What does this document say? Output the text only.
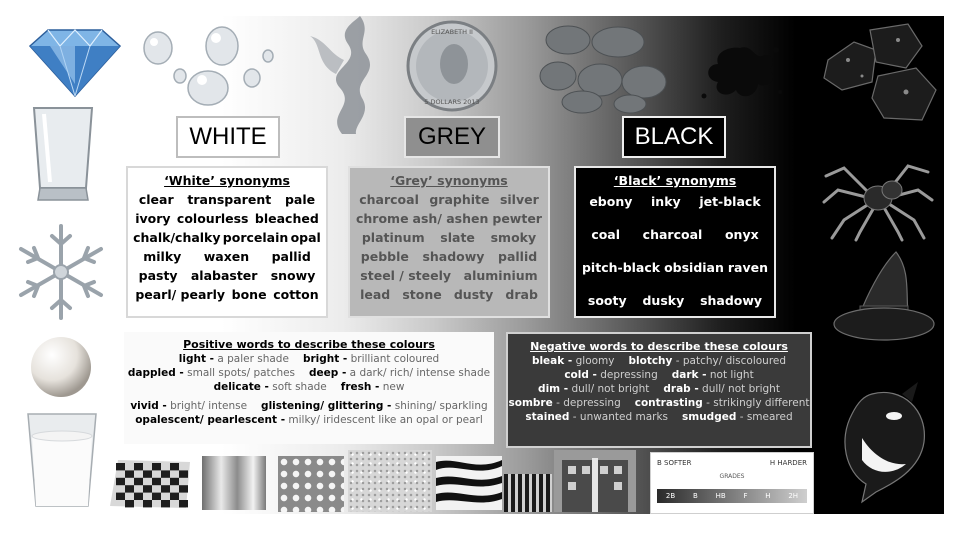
ELIZABETH II
5 DOLLARS 2013
WHITE	GREY	BLACK
‘White’ synonyms
clear transparent pale
ivory colourless bleached
chalk/chalky porcelain opal
milky waxen pallid
pasty alabaster snowy
pearl/ pearly bone cotton
‘Grey’ synonyms
charcoal graphite silver
chrome ash/ ashen pewter
platinum slate smoky
pebble shadowy pallid
steel / steely aluminium
lead stone dusty drab
‘Black’ synonyms
ebony inky jet-black
coal charcoal onyx
pitch-black obsidian raven
sooty dusky shadowy
Positive words to describe these colours
light - a paler shade bright - brilliant coloured
dappled - small spots/ patches deep - a dark/ rich/ intense shade
delicate - soft shade fresh - new
vivid - bright/ intense glistening/ glittering - shining/ sparkling
opalescent/ pearlescent - milky/ iridescent like an opal or pearl
Negative words to describe these colours
bleak - gloomy blotchy - patchy/ discoloured
cold - depressing dark - not light
dim - dull/ not bright drab - dull/ not bright
sombre - depressing contrasting - strikingly different
stained - unwanted marks smudged - smeared
B SOFTER	H HARDER
GRADES
2B	B	HB	F	H	2H
